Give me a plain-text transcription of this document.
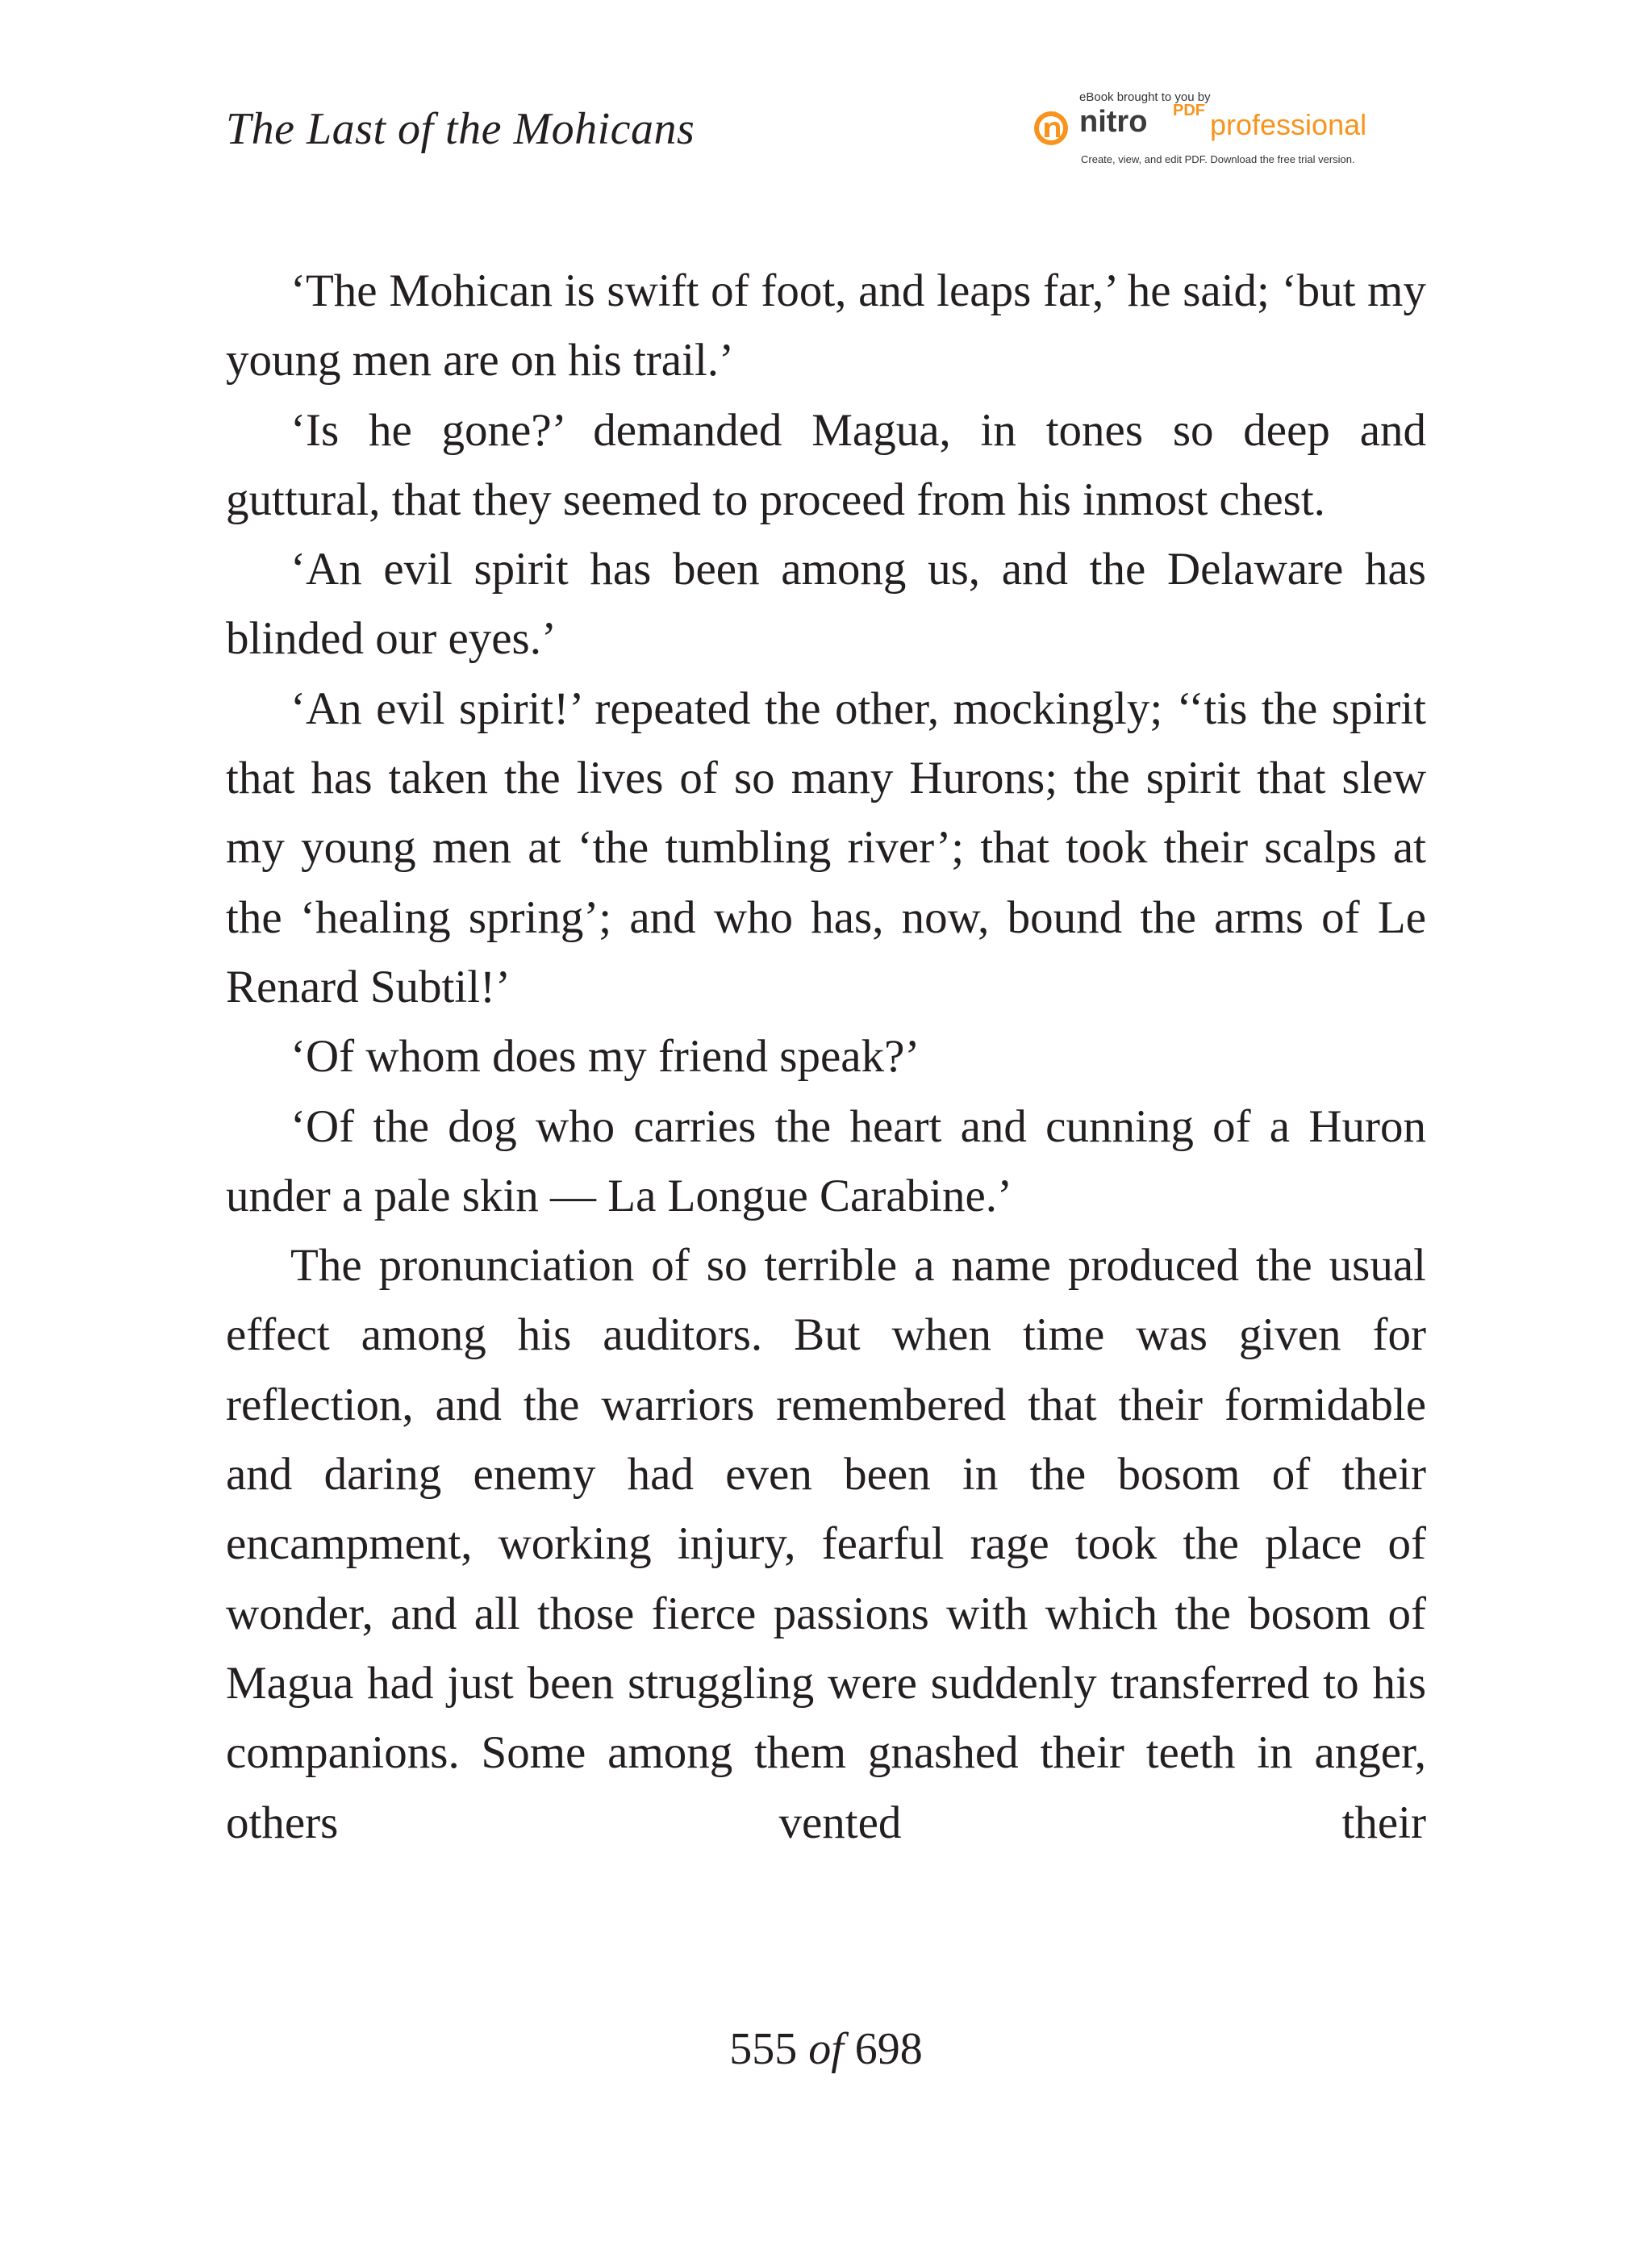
The Last of the Mohicans
eBook brought to you by
nitro PDF professional
Create, view, and edit PDF. Download the free trial version.

‘The Mohican is swift of foot, and leaps far,’ he said; ‘but my young men are on his trail.’

‘Is he gone?’ demanded Magua, in tones so deep and guttural, that they seemed to proceed from his inmost chest.

‘An evil spirit has been among us, and the Delaware has blinded our eyes.’

‘An evil spirit!’ repeated the other, mockingly; ‘‘tis the spirit that has taken the lives of so many Hurons; the spirit that slew my young men at ‘the tumbling river’; that took their scalps at the ‘healing spring’; and who has, now, bound the arms of Le Renard Subtil!’

‘Of whom does my friend speak?’

‘Of the dog who carries the heart and cunning of a Huron under a pale skin — La Longue Carabine.’

The pronunciation of so terrible a name produced the usual effect among his auditors. But when time was given for reflection, and the warriors remembered that their formidable and daring enemy had even been in the bosom of their encampment, working injury, fearful rage took the place of wonder, and all those fierce passions with which the bosom of Magua had just been struggling were suddenly transferred to his companions. Some among them gnashed their teeth in anger, others vented their

555 of 698
